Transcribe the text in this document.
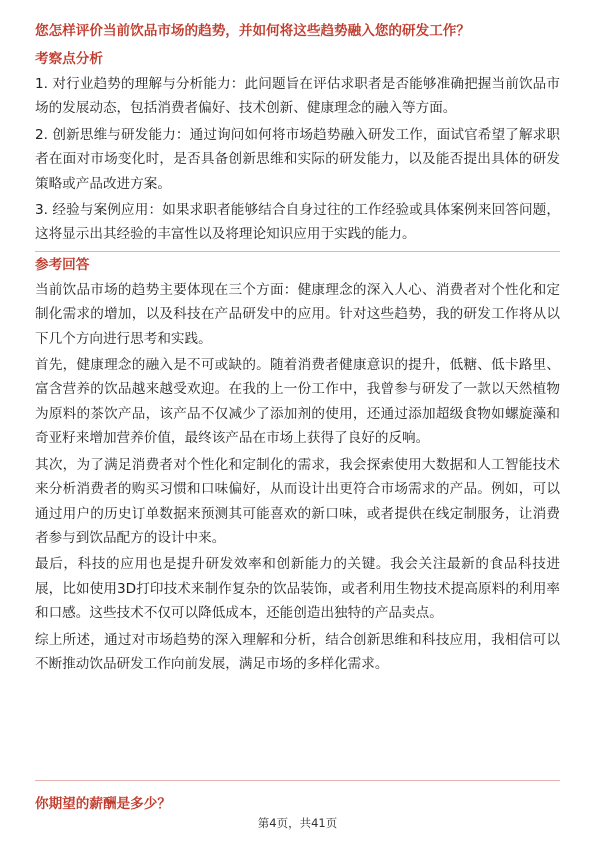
您怎样评价当前饮品市场的趋势，并如何将这些趋势融入您的研发工作？

考察点分析

1. 对行业趋势的理解与分析能力：此问题旨在评估求职者是否能够准确把握当前饮品市场的发展动态，包括消费者偏好、技术创新、健康理念的融入等方面。

2. 创新思维与研发能力：通过询问如何将市场趋势融入研发工作，面试官希望了解求职者在面对市场变化时，是否具备创新思维和实际的研发能力，以及能否提出具体的研发策略或产品改进方案。

3. 经验与案例应用：如果求职者能够结合自身过往的工作经验或具体案例来回答问题，这将显示出其经验的丰富性以及将理论知识应用于实践的能力。

参考回答

当前饮品市场的趋势主要体现在三个方面：健康理念的深入人心、消费者对个性化和定制化需求的增加，以及科技在产品研发中的应用。针对这些趋势，我的研发工作将从以下几个方向进行思考和实践。

首先，健康理念的融入是不可或缺的。随着消费者健康意识的提升，低糖、低卡路里、富含营养的饮品越来越受欢迎。在我的上一份工作中，我曾参与研发了一款以天然植物为原料的茶饮产品，该产品不仅减少了添加剂的使用，还通过添加超级食物如螺旋藻和奇亚籽来增加营养价值，最终该产品在市场上获得了良好的反响。

其次，为了满足消费者对个性化和定制化的需求，我会探索使用大数据和人工智能技术来分析消费者的购买习惯和口味偏好，从而设计出更符合市场需求的产品。例如，可以通过用户的历史订单数据来预测其可能喜欢的新口味，或者提供在线定制服务，让消费者参与到饮品配方的设计中来。

最后，科技的应用也是提升研发效率和创新能力的关键。我会关注最新的食品科技进展，比如使用3D打印技术来制作复杂的饮品装饰，或者利用生物技术提高原料的利用率和口感。这些技术不仅可以降低成本，还能创造出独特的产品卖点。

综上所述，通过对市场趋势的深入理解和分析，结合创新思维和科技应用，我相信可以不断推动饮品研发工作向前发展，满足市场的多样化需求。

你期望的薪酬是多少？

第4页，共41页
